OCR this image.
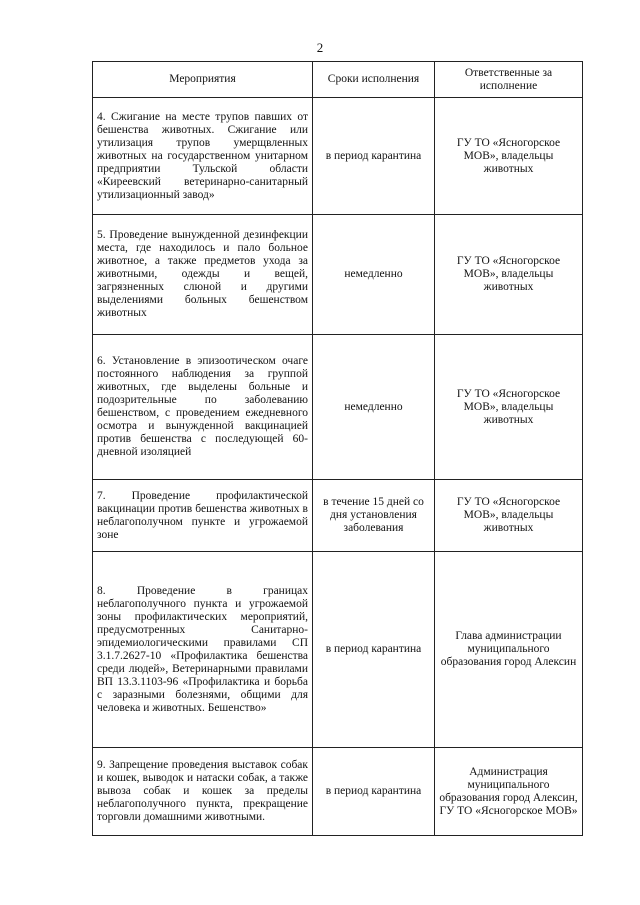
2
Мероприятия	Сроки исполнения	Ответственные за исполнение
4. Сжигание на месте трупов павших от бешенства животных. Сжигание или утилизация трупов умерщвленных животных на государственном унитарном предприятии Тульской области «Киреевский ветеринарно-санитарный утилизационный завод»	в период карантина	ГУ ТО «Ясногорское МОВ», владельцы животных
5. Проведение вынужденной дезинфекции места, где находилось и пало больное животное, а также предметов ухода за животными, одежды и вещей, загрязненных слюной и другими выделениями больных бешенством животных	немедленно	ГУ ТО «Ясногорское МОВ», владельцы животных
6. Установление в эпизоотическом очаге постоянного наблюдения за группой животных, где выделены больные и подозрительные по заболеванию бешенством, с проведением ежедневного осмотра и вынужденной вакцинацией против бешенства с последующей 60-дневной изоляцией	немедленно	ГУ ТО «Ясногорское МОВ», владельцы животных
7. Проведение профилактической вакцинации против бешенства животных в неблагополучном пункте и угрожаемой зоне	в течение 15 дней со дня установления заболевания	ГУ ТО «Ясногорское МОВ», владельцы животных
8. Проведение в границах неблагополучного пункта и угрожаемой зоны профилактических мероприятий, предусмотренных Санитарно-эпидемиологическими правилами СП 3.1.7.2627-10 «Профилактика бешенства среди людей», Ветеринарными правилами ВП 13.3.1103-96 «Профилактика и борьба с заразными болезнями, общими для человека и животных. Бешенство»	в период карантина	Глава администрации муниципального образования город Алексин
9. Запрещение проведения выставок собак и кошек, выводок и натаски собак, а также вывоза собак и кошек за пределы неблагополучного пункта, прекращение торговли домашними животными.	в период карантина	Администрация муниципального образования город Алексин, ГУ ТО «Ясногорское МОВ»
